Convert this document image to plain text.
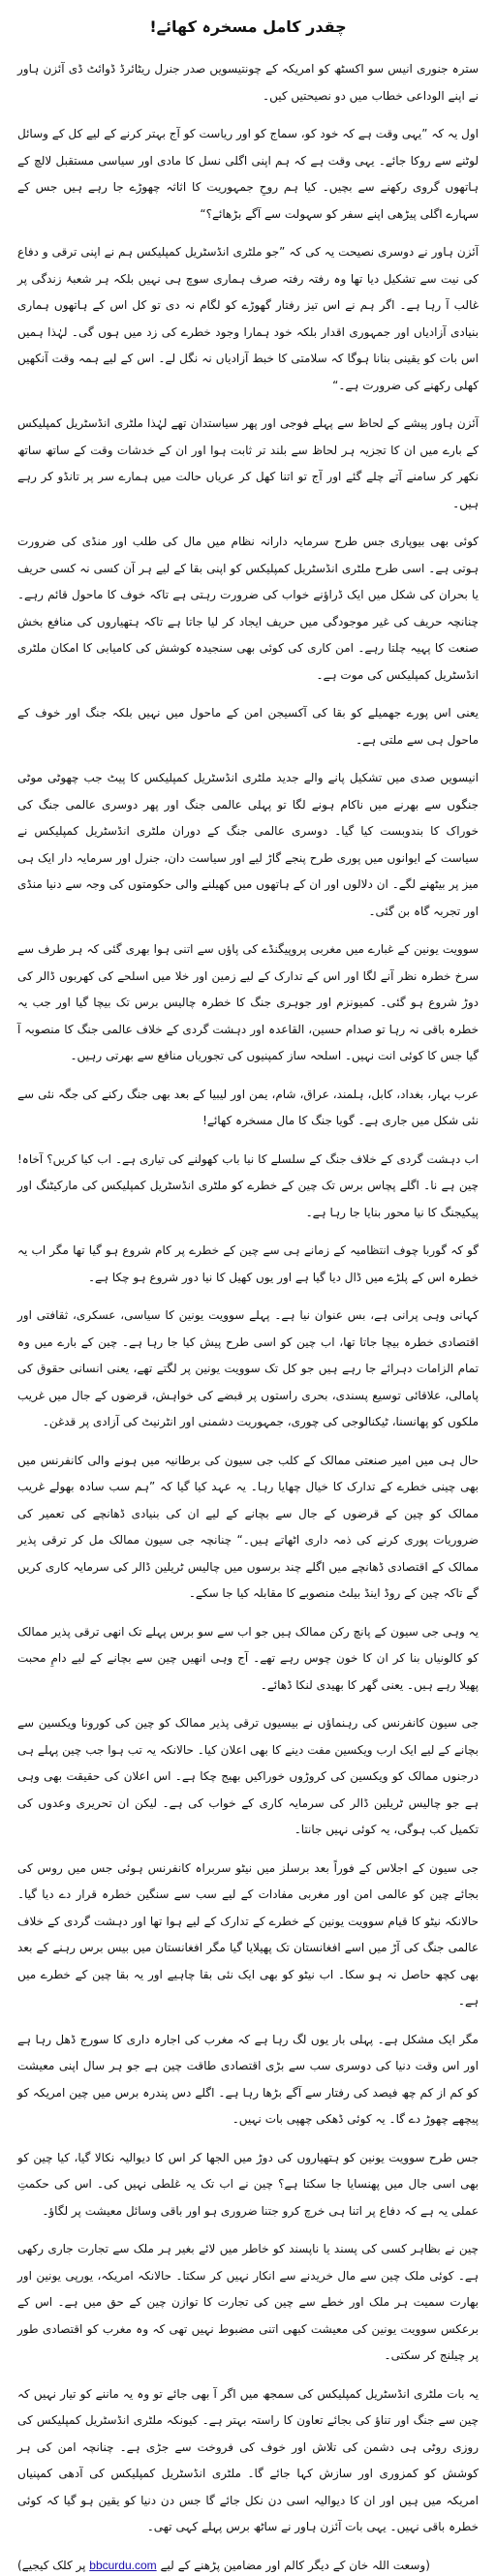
چقدر کامل مسخرہ کھائے!

سترہ جنوری انیس سو اکسٹھ کو امریکہ کے چونتیسویں صدر جنرل ریٹائرڈ ڈوائٹ ڈی آئزن ہاور نے اپنے الوداعی خطاب میں دو نصیحتیں کیں۔

اول یہ کہ ”یہی وقت ہے کہ خود کو، سماج کو اور ریاست کو آج بہتر کرنے کے لیے کل کے وسائل لوٹنے سے روکا جائے۔ یہی وقت ہے کہ ہم اپنی اگلی نسل کا مادی اور سیاسی مستقبل لالچ کے ہاتھوں گروی رکھنے سے بچیں۔ کیا ہم روحِ جمہوریت کا اثاثہ چھوڑے جا رہے ہیں جس کے سہارے اگلی پیڑھی اپنے سفر کو سہولت سے آگے بڑھائے؟“

آئزن ہاور نے دوسری نصیحت یہ کی کہ ”جو ملٹری انڈسٹریل کمپلیکس ہم نے اپنی ترقی و دفاع کی نیت سے تشکیل دیا تھا وہ رفتہ رفتہ صرف ہماری سوچ ہی نہیں بلکہ ہر شعبۂ زندگی پر غالب آ رہا ہے۔ اگر ہم نے اس تیز رفتار گھوڑے کو لگام نہ دی تو کل اس کے ہاتھوں ہماری بنیادی آزادیاں اور جمہوری اقدار بلکہ خود ہمارا وجود خطرے کی زد میں ہوں گی۔ لہٰذا ہمیں اس بات کو یقینی بنانا ہوگا کہ سلامتی کا خبط آزادیاں نہ نگل لے۔ اس کے لیے ہمہ وقت آنکھیں کھلی رکھنے کی ضرورت ہے۔“

آئزن ہاور پیشے کے لحاظ سے پہلے فوجی اور پھر سیاستدان تھے لہٰذا ملٹری انڈسٹریل کمپلیکس کے بارے میں ان کا تجزیہ ہر لحاظ سے بلند تر ثابت ہوا اور ان کے خدشات وقت کے ساتھ ساتھ نکھر کر سامنے آتے چلے گئے اور آج تو اتنا کھل کر عریاں حالت میں ہمارے سر پر تانڈو کر رہے ہیں۔

کوئی بھی بیوپاری جس طرح سرمایہ دارانہ نظام میں مال کی طلب اور منڈی کی ضرورت ہوتی ہے۔ اسی طرح ملٹری انڈسٹریل کمپلیکس کو اپنی بقا کے لیے ہر آن کسی نہ کسی حریف یا بحران کی شکل میں ایک ڈراؤنے خواب کی ضرورت رہتی ہے تاکہ خوف کا ماحول قائم رہے۔ چنانچہ حریف کی غیر موجودگی میں حریف ایجاد کر لیا جاتا ہے تاکہ ہتھیاروں کی منافع بخش صنعت کا پہیہ چلتا رہے۔ امن کاری کی کوئی بھی سنجیدہ کوشش کی کامیابی کا امکان ملٹری انڈسٹریل کمپلیکس کی موت ہے۔

یعنی اس پورے جھمیلے کو بقا کی آکسیجن امن کے ماحول میں نہیں بلکہ جنگ اور خوف کے ماحول ہی سے ملتی ہے۔

انیسویں صدی میں تشکیل پانے والے جدید ملٹری انڈسٹریل کمپلیکس کا پیٹ جب چھوٹی موٹی جنگوں سے بھرنے میں ناکام ہونے لگا تو پہلی عالمی جنگ اور پھر دوسری عالمی جنگ کی خوراک کا بندوبست کیا گیا۔ دوسری عالمی جنگ کے دوران ملٹری انڈسٹریل کمپلیکس نے سیاست کے ایوانوں میں پوری طرح پنجے گاڑ لیے اور سیاست دان، جنرل اور سرمایہ دار ایک ہی میز پر بیٹھنے لگے۔ ان دلالوں اور ان کے ہاتھوں میں کھیلنے والی حکومتوں کی وجہ سے دنیا منڈی اور تجربہ گاہ بن گئی۔

سوویت یونین کے غبارے میں مغربی پروپیگنڈے کی پاؤں سے اتنی ہوا بھری گئی کہ ہر طرف سے سرخ خطرہ نظر آنے لگا اور اس کے تدارک کے لیے زمین اور خلا میں اسلحے کی کھربوں ڈالر کی دوڑ شروع ہو گئی۔ کمیونزم اور جوہری جنگ کا خطرہ چالیس برس تک بیچا گیا اور جب یہ خطرہ باقی نہ رہا تو صدام حسین، القاعدہ اور دہشت گردی کے خلاف عالمی جنگ کا منصوبہ آ گیا جس کا کوئی انت نہیں۔ اسلحہ ساز کمپنیوں کی تجوریاں منافع سے بھرتی رہیں۔

عرب بہار، بغداد، کابل، ہلمند، عراق، شام، یمن اور لیبیا کے بعد بھی جنگ رکنے کی جگہ نئی سے نئی شکل میں جاری ہے۔ گویا جنگ کا مال مسخرہ کھائے!

اب دہشت گردی کے خلاف جنگ کے سلسلے کا نیا باب کھولنے کی تیاری ہے۔ اب کیا کریں؟ آخاہ! چین ہے نا۔ اگلے پچاس برس تک چین کے خطرے کو ملٹری انڈسٹریل کمپلیکس کی مارکیٹنگ اور پیکیجنگ کا نیا محور بنایا جا رہا ہے۔

گو کہ گوربا چوف انتظامیہ کے زمانے ہی سے چین کے خطرے پر کام شروع ہو گیا تھا مگر اب یہ خطرہ اس کے پلڑے میں ڈال دیا گیا ہے اور یوں کھیل کا نیا دور شروع ہو چکا ہے۔

کہانی وہی پرانی ہے، بس عنوان نیا ہے۔ پہلے سوویت یونین کا سیاسی، عسکری، ثقافتی اور اقتصادی خطرہ بیچا جاتا تھا، اب چین کو اسی طرح پیش کیا جا رہا ہے۔ چین کے بارے میں وہ تمام الزامات دہرائے جا رہے ہیں جو کل تک سوویت یونین پر لگتے تھے، یعنی انسانی حقوق کی پامالی، علاقائی توسیع پسندی، بحری راستوں پر قبضے کی خواہش، قرضوں کے جال میں غریب ملکوں کو پھانسنا، ٹیکنالوجی کی چوری، جمہوریت دشمنی اور انٹرنیٹ کی آزادی پر قدغن۔

حال ہی میں امیر صنعتی ممالک کے کلب جی سیون کی برطانیہ میں ہونے والی کانفرنس میں بھی چینی خطرے کے تدارک کا خیال چھایا رہا۔ یہ عہد کیا گیا کہ ”ہم سب سادہ بھولے غریب ممالک کو چین کے قرضوں کے جال سے بچانے کے لیے ان کی بنیادی ڈھانچے کی تعمیر کی ضروریات پوری کرنے کی ذمہ داری اٹھاتے ہیں۔“ چنانچہ جی سیون ممالک مل کر ترقی پذیر ممالک کے اقتصادی ڈھانچے میں اگلے چند برسوں میں چالیس ٹریلین ڈالر کی سرمایہ کاری کریں گے تاکہ چین کے روڈ اینڈ بیلٹ منصوبے کا مقابلہ کیا جا سکے۔

یہ وہی جی سیون کے پانچ رکن ممالک ہیں جو اب سے سو برس پہلے تک انھی ترقی پذیر ممالک کو کالونیاں بنا کر ان کا خون چوس رہے تھے۔ آج وہی انھیں چین سے بچانے کے لیے دامِ محبت پھیلا رہے ہیں۔ یعنی گھر کا بھیدی لنکا ڈھائے۔

جی سیون کانفرنس کی رہنماؤں نے بیسیوں ترقی پذیر ممالک کو چین کی کورونا ویکسین سے بچانے کے لیے ایک ارب ویکسین مفت دینے کا بھی اعلان کیا۔ حالانکہ یہ تب ہوا جب چین پہلے ہی درجنوں ممالک کو ویکسین کی کروڑوں خوراکیں بھیج چکا ہے۔ اس اعلان کی حقیقت بھی وہی ہے جو چالیس ٹریلین ڈالر کی سرمایہ کاری کے خواب کی ہے۔ لیکن ان تحریری وعدوں کی تکمیل کب ہوگی، یہ کوئی نہیں جانتا۔

جی سیون کے اجلاس کے فوراً بعد برسلز میں نیٹو سربراہ کانفرنس ہوئی جس میں روس کی بجائے چین کو عالمی امن اور مغربی مفادات کے لیے سب سے سنگین خطرہ قرار دے دیا گیا۔ حالانکہ نیٹو کا قیام سوویت یونین کے خطرے کے تدارک کے لیے ہوا تھا اور دہشت گردی کے خلاف عالمی جنگ کی آڑ میں اسے افغانستان تک پھیلایا گیا مگر افغانستان میں بیس برس رہنے کے بعد بھی کچھ حاصل نہ ہو سکا۔ اب نیٹو کو بھی ایک نئی بقا چاہیے اور یہ بقا چین کے خطرے میں ہے۔

مگر ایک مشکل ہے۔ پہلی بار یوں لگ رہا ہے کہ مغرب کی اجارہ داری کا سورج ڈھل رہا ہے اور اس وقت دنیا کی دوسری سب سے بڑی اقتصادی طاقت چین ہے جو ہر سال اپنی معیشت کو کم از کم چھ فیصد کی رفتار سے آگے بڑھا رہا ہے۔ اگلے دس پندرہ برس میں چین امریکہ کو پیچھے چھوڑ دے گا۔ یہ کوئی ڈھکی چھپی بات نہیں۔

جس طرح سوویت یونین کو ہتھیاروں کی دوڑ میں الجھا کر اس کا دیوالیہ نکالا گیا، کیا چین کو بھی اسی جال میں پھنسایا جا سکتا ہے؟ چین نے اب تک یہ غلطی نہیں کی۔ اس کی حکمتِ عملی یہ ہے کہ دفاع پر اتنا ہی خرچ کرو جتنا ضروری ہو اور باقی وسائل معیشت پر لگاؤ۔

چین نے بظاہر کسی کی پسند یا ناپسند کو خاطر میں لائے بغیر ہر ملک سے تجارت جاری رکھی ہے۔ کوئی ملک چین سے مال خریدنے سے انکار نہیں کر سکتا۔ حالانکہ امریکہ، یورپی یونین اور بھارت سمیت ہر ملک اور خطے سے چین کی تجارت کا توازن چین کے حق میں ہے۔ اس کے برعکس سوویت یونین کی معیشت کبھی اتنی مضبوط نہیں تھی کہ وہ مغرب کو اقتصادی طور پر چیلنج کر سکتی۔

یہ بات ملٹری انڈسٹریل کمپلیکس کی سمجھ میں اگر آ بھی جائے تو وہ یہ ماننے کو تیار نہیں کہ چین سے جنگ اور تناؤ کی بجائے تعاون کا راستہ بہتر ہے۔ کیونکہ ملٹری انڈسٹریل کمپلیکس کی روزی روٹی ہی دشمن کی تلاش اور خوف کی فروخت سے جڑی ہے۔ چنانچہ امن کی ہر کوشش کو کمزوری اور سازش کہا جائے گا۔ ملٹری انڈسٹریل کمپلیکس کی آدھی کمپنیاں امریکہ میں ہیں اور ان کا دیوالیہ اسی دن نکل جائے گا جس دن دنیا کو یقین ہو گیا کہ کوئی خطرہ باقی نہیں۔ یہی بات آئزن ہاور نے ساٹھ برس پہلے کہی تھی۔

(وسعت اللہ خان کے دیگر کالم اور مضامین پڑھنے کے لیے bbcurdu.com پر کلک کیجیے)
